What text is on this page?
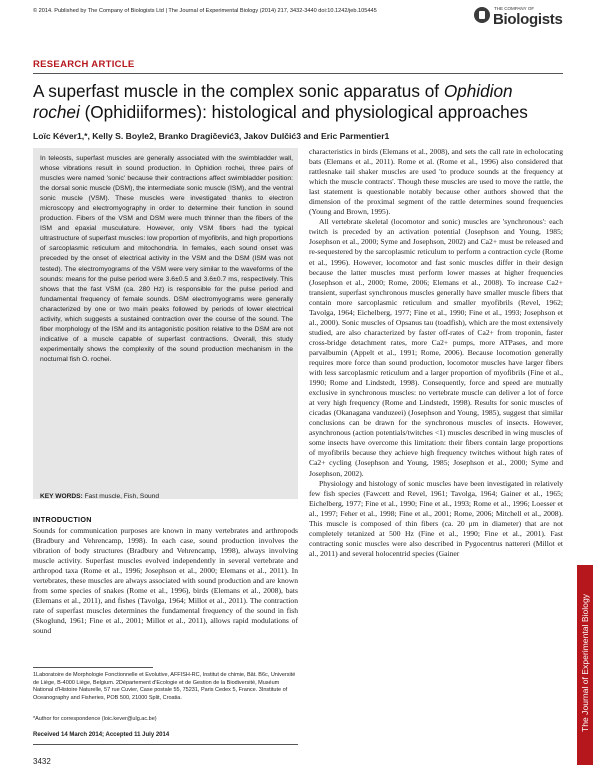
© 2014. Published by The Company of Biologists Ltd | The Journal of Experimental Biology (2014) 217, 3432-3440 doi:10.1242/jeb.105445	THE COMPANY OF
Biologists
RESEARCH ARTICLE
A superfast muscle in the complex sonic apparatus of Ophidion rochei (Ophidiiformes): histological and physiological approaches
Loïc Kéver1,*, Kelly S. Boyle2, Branko Dragičević3, Jakov Dulčić3 and Eric Parmentier1
In teleosts, superfast muscles are generally associated with the swimbladder wall, whose vibrations result in sound production. In Ophidion rochei, three pairs of muscles were named 'sonic' because their contractions affect swimbladder position: the dorsal sonic muscle (DSM), the intermediate sonic muscle (ISM), and the ventral sonic muscle (VSM). These muscles were investigated thanks to electron microscopy and electromyography in order to determine their function in sound production. Fibers of the VSM and DSM were much thinner than the fibers of the ISM and epaxial musculature. However, only VSM fibers had the typical ultrastructure of superfast muscles: low proportion of myofibrils, and high proportions of sarcoplasmic reticulum and mitochondria. In females, each sound onset was preceded by the onset of electrical activity in the VSM and the DSM (ISM was not tested). The electromyograms of the VSM were very similar to the waveforms of the sounds: means for the pulse period were 3.6±0.5 and 3.6±0.7 ms, respectively. This shows that the fast VSM (ca. 280 Hz) is responsible for the pulse period and fundamental frequency of female sounds. DSM electromyograms were generally characterized by one or two main peaks followed by periods of lower electrical activity, which suggests a sustained contraction over the course of the sound. The fiber morphology of the ISM and its antagonistic position relative to the DSM are not indicative of a muscle capable of superfast contractions. Overall, this study experimentally shows the complexity of the sound production mechanism in the nocturnal fish O. rochei.
KEY WORDS: Fast muscle, Fish, Sound
INTRODUCTION
Sounds for communication purposes are known in many vertebrates and arthropods (Bradbury and Vehrencamp, 1998). In each case, sound production involves the vibration of body structures (Bradbury and Vehrencamp, 1998), always involving muscle activity. Superfast muscles evolved independently in several vertebrate and arthropod taxa (Rome et al., 1996; Josephson et al., 2000; Elemans et al., 2011). In vertebrates, these muscles are always associated with sound production and are known from some species of snakes (Rome et al., 1996), birds (Elemans et al., 2008), bats (Elemans et al., 2011), and fishes (Tavolga, 1964; Millot et al., 2011). The contraction rate of superfast muscles determines the fundamental frequency of the sound in fish (Skoglund, 1961; Fine et al., 2001; Millot et al., 2011), allows rapid modulations of sound

characteristics in birds (Elemans et al., 2008), and sets the call rate in echolocating bats (Elemans et al., 2011). Rome et al. (Rome et al., 1996) also considered that rattlesnake tail shaker muscles are used 'to produce sounds at the frequency at which the muscle contracts'. Though these muscles are used to move the rattle, the last statement is questionable notably because other authors showed that the dimension of the proximal segment of the rattle determines sound frequencies (Young and Brown, 1995).

All vertebrate skeletal (locomotor and sonic) muscles are 'synchronous': each twitch is preceded by an activation potential (Josephson and Young, 1985; Josephson et al., 2000; Syme and Josephson, 2002) and Ca2+ must be released and re-sequestered by the sarcoplasmic reticulum to perform a contraction cycle (Rome et al., 1996). However, locomotor and fast sonic muscles differ in their design because the latter muscles must perform lower masses at higher frequencies (Josephson et al., 2000; Rome, 2006; Elemans et al., 2008). To increase Ca2+ transient, superfast synchronous muscles generally have smaller muscle fibers that contain more sarcoplasmic reticulum and smaller myofibrils (Revel, 1962; Tavolga, 1964; Eichelberg, 1977; Fine et al., 1990; Fine et al., 1993; Josephson et al., 2000). Sonic muscles of Opsanus tau (toadfish), which are the most extensively studied, are also characterized by faster off-rates of Ca2+ from troponin, faster cross-bridge detachment rates, more Ca2+ pumps, more ATPases, and more parvalbumin (Appelt et al., 1991; Rome, 2006). Because locomotion generally requires more force than sound production, locomotor muscles have larger fibers with less sarcoplasmic reticulum and a larger proportion of myofibrils (Fine et al., 1990; Rome and Lindstedt, 1998). Consequently, force and speed are mutually exclusive in synchronous muscles: no vertebrate muscle can deliver a lot of force at very high frequency (Rome and Lindstedt, 1998). Results for sonic muscles of cicadas (Okanagana vanduzeei) (Josephson and Young, 1985), suggest that similar conclusions can be drawn for the synchronous muscles of insects. However, asynchronous (action potentials/twitches <1) muscles described in wing muscles of some insects have overcome this limitation: their fibers contain large proportions of myofibrils because they achieve high frequency twitches without high rates of Ca2+ cycling (Josephson and Young, 1985; Josephson et al., 2000; Syme and Josephson, 2002).

Physiology and histology of sonic muscles have been investigated in relatively few fish species (Fawcett and Revel, 1961; Tavolga, 1964; Gainer et al., 1965; Eichelberg, 1977; Fine et al., 1990; Fine et al., 1993; Rome et al., 1996; Loesser et al., 1997; Feher et al., 1998; Fine et al., 2001; Rome, 2006; Mitchell et al., 2008). This muscle is composed of thin fibers (ca. 20 μm in diameter) that are not completely tetanized at 500 Hz (Fine et al., 1990; Fine et al., 2001). Fast contracting sonic muscles were also described in Pygocentrus nattereri (Millot et al., 2011) and several holocentrid species (Gainer

1Laboratoire de Morphologie Fonctionnelle et Evolutive, AFFISH-RC, Institut de chimie, Bât. B6c, Université de Liège, B-4000 Liège, Belgium. 2Département d'Ecologie et de Gestion de la Biodiversité, Muséum National d'Histoire Naturelle, 57 rue Cuvier, Case postale 55, 75231, Paris Cedex 5, France. 3Institute of Oceanography and Fisheries, POB 500, 21000 Split, Croatia.
*Author for correspondence (loic.kever@ulg.ac.be)
Received 14 March 2014; Accepted 11 July 2014
3432
The Journal of Experimental Biology
